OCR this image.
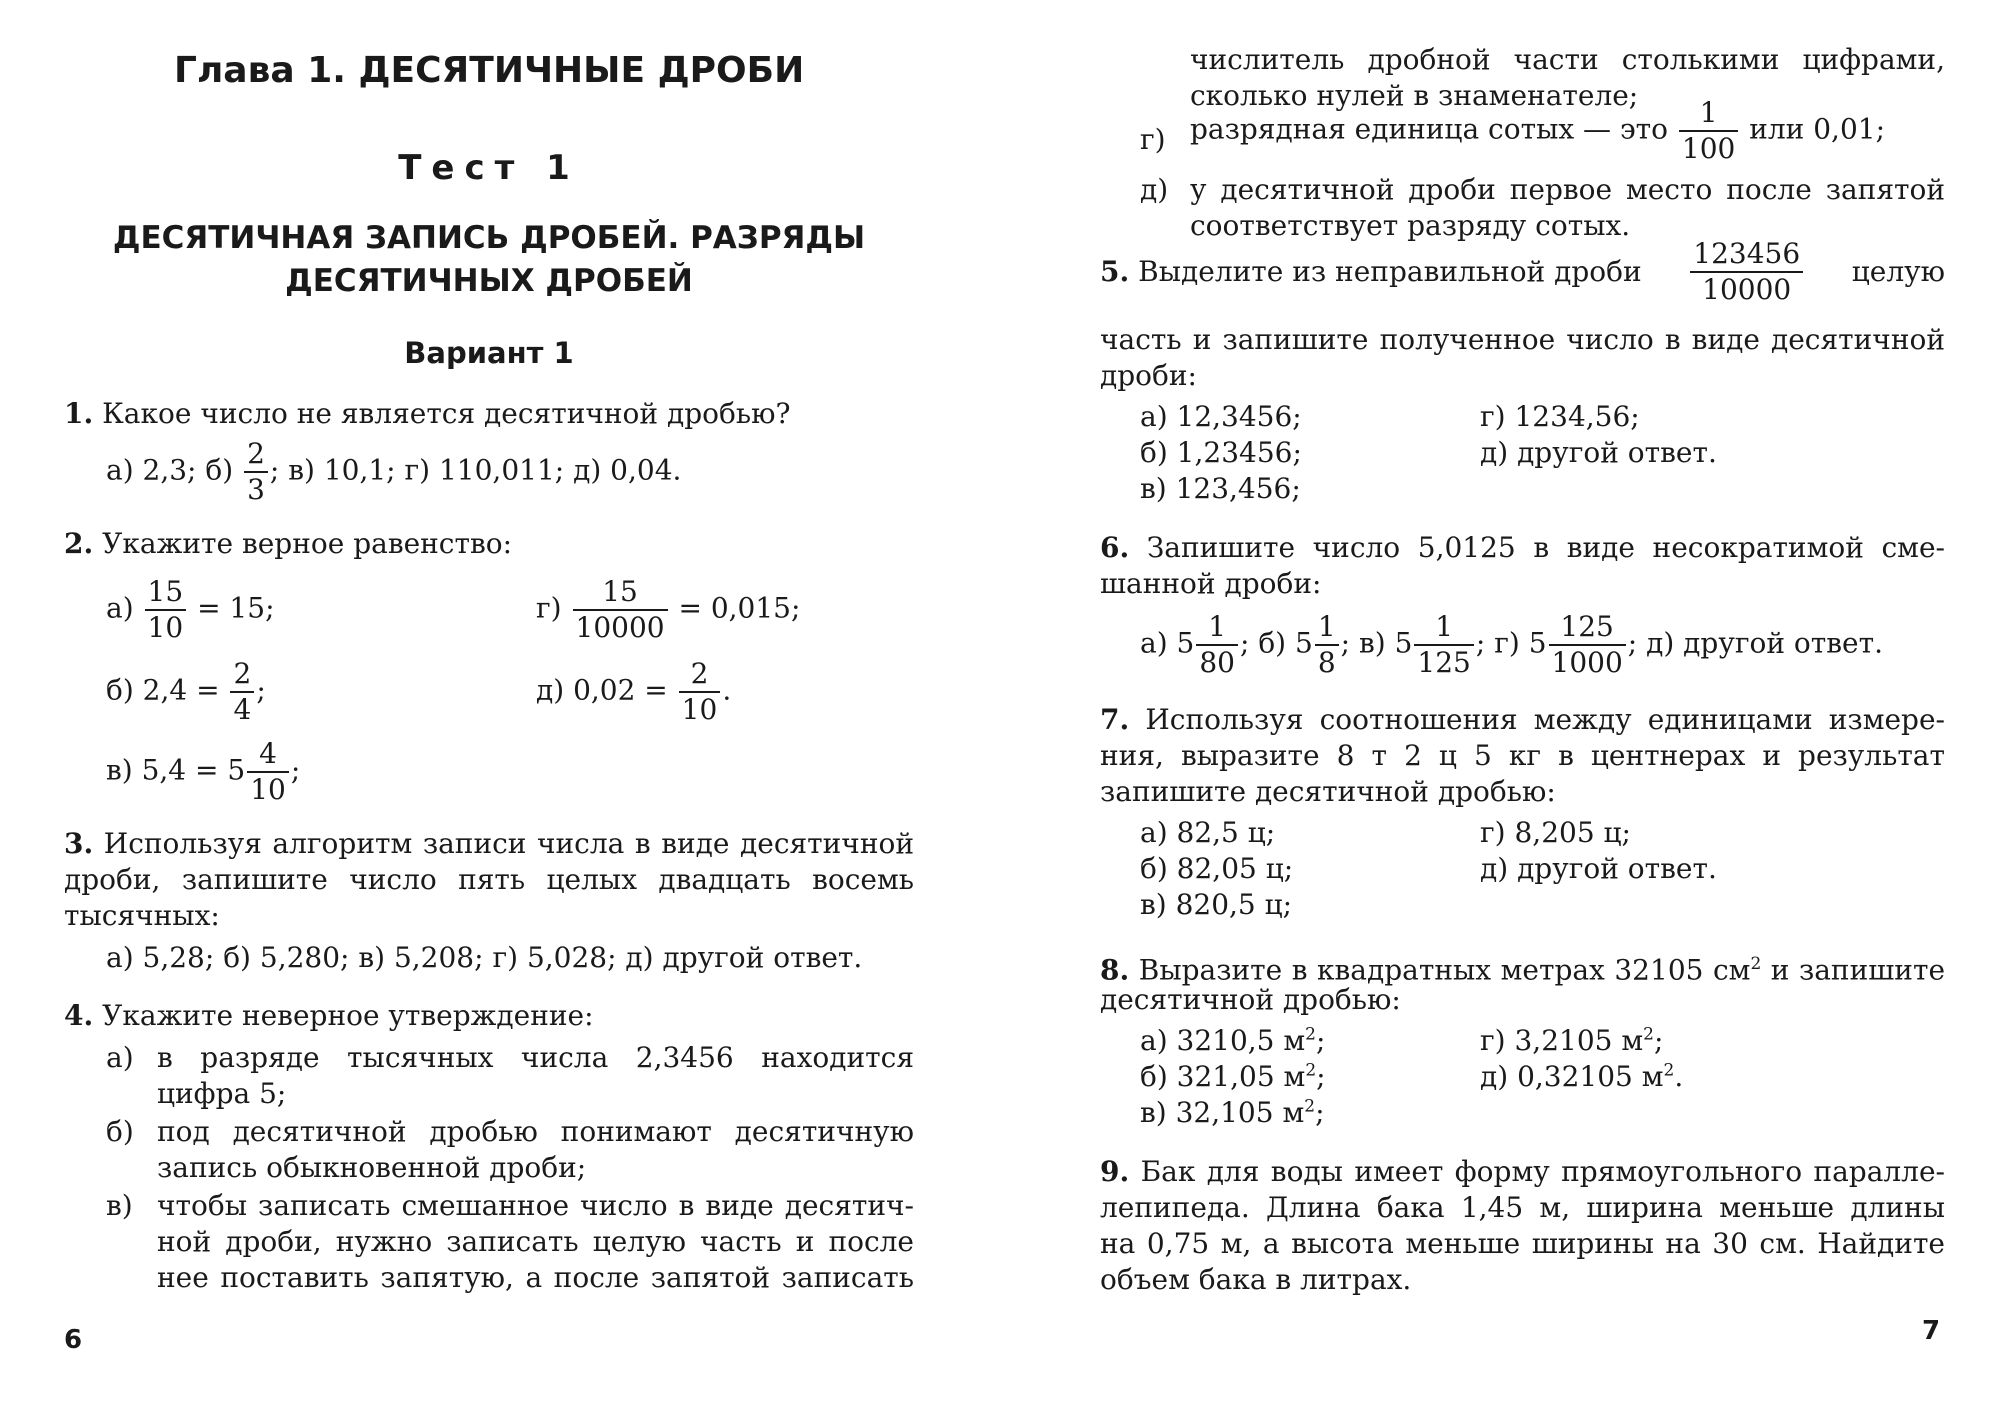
Глава 1. ДЕСЯТИЧНЫЕ ДРОБИ
Тест 1
ДЕСЯТИЧНАЯ ЗАПИСЬ ДРОБЕЙ. РАЗРЯДЫ
ДЕСЯТИЧНЫХ ДРОБЕЙ
Вариант 1
1. Какое число не является десятичной дробью?
а) 2,3; $б) \frac{2}{3}$ ; в) 10,1; г) 110,011; д) 0,04.
2. Укажите верное равенство:
$а) \frac{15}{10} = 15$;	$г) \frac{15}{10000} = 0,015$;
б) $2,4 = \frac{2}{4}$ ;	д) $0,02 = \frac{2}{10}$ .
в) $5,4 = 5 \frac{4}{10}$ ;
3. Используя алгоритм записи числа в виде десятичной
дроби, запишите число пять целых двадцать восемь
тысячных:
а) 5,28; б) 5,280; в) 5,208; г) 5,028; д) другой ответ.
4. Укажите неверное утверждение:
а) в разряде тысячных числа 2,3456 находится
цифра 5;
б) под десятичной дробью понимают десятичную
запись обыкновенной дроби;
в) чтобы записать смешанное число в виде десятич-
ной дроби, нужно записать целую часть и после
нее поставить запятую, а после запятой записать
6
числитель дробной части столькими цифрами,
сколько нулей в знаменателе;
г) разрядная единица сотых — это $\frac{1}{100}$ или 0,01;
д) у десятичной дроби первое место после запятой
соответствует разряду сотых.
5. Выделите из неправильной дроби $\frac{123456}{10000}$ целую
часть и запишите полученное число в виде десятичной
дроби:
а) 12,3456;
б) 1,23456;
в) 123,456;
г) 1234,56;
д) другой ответ.
6. Запишите число 5,0125 в виде несократимой сме-
шанной дроби:
а) $5 \frac{1}{80}$ ; б) $5 \frac{1}{8}$ ; в) $5 \frac{1}{125}$ ; г) $5 \frac{125}{1000}$ ; д) другой ответ.
7. Используя соотношения между единицами измере-
ния, выразите 8 т 2 ц 5 кг в центнерах и результат
запишите десятичной дробью:
а) 82,5 ц;
б) 82,05 ц;
в) 820,5 ц;
г) 8,205 ц;
д) другой ответ.
8. Выразите в квадратных метрах 32105 $см^2$ и запишите
десятичной дробью:
а) 3210,5 $м^2$;
б) 321,05 $м^2$;
в) 32,105 $м^2$;
г) 3,2105 $м^2$;
д) 0,32105 $м^2$.
9. Бак для воды имеет форму прямоугольного паралле-
лепипеда. Длина бака 1,45 м, ширина меньше длины
на 0,75 м, а высота меньше ширины на 30 см. Найдите
объем бака в литрах.
7
